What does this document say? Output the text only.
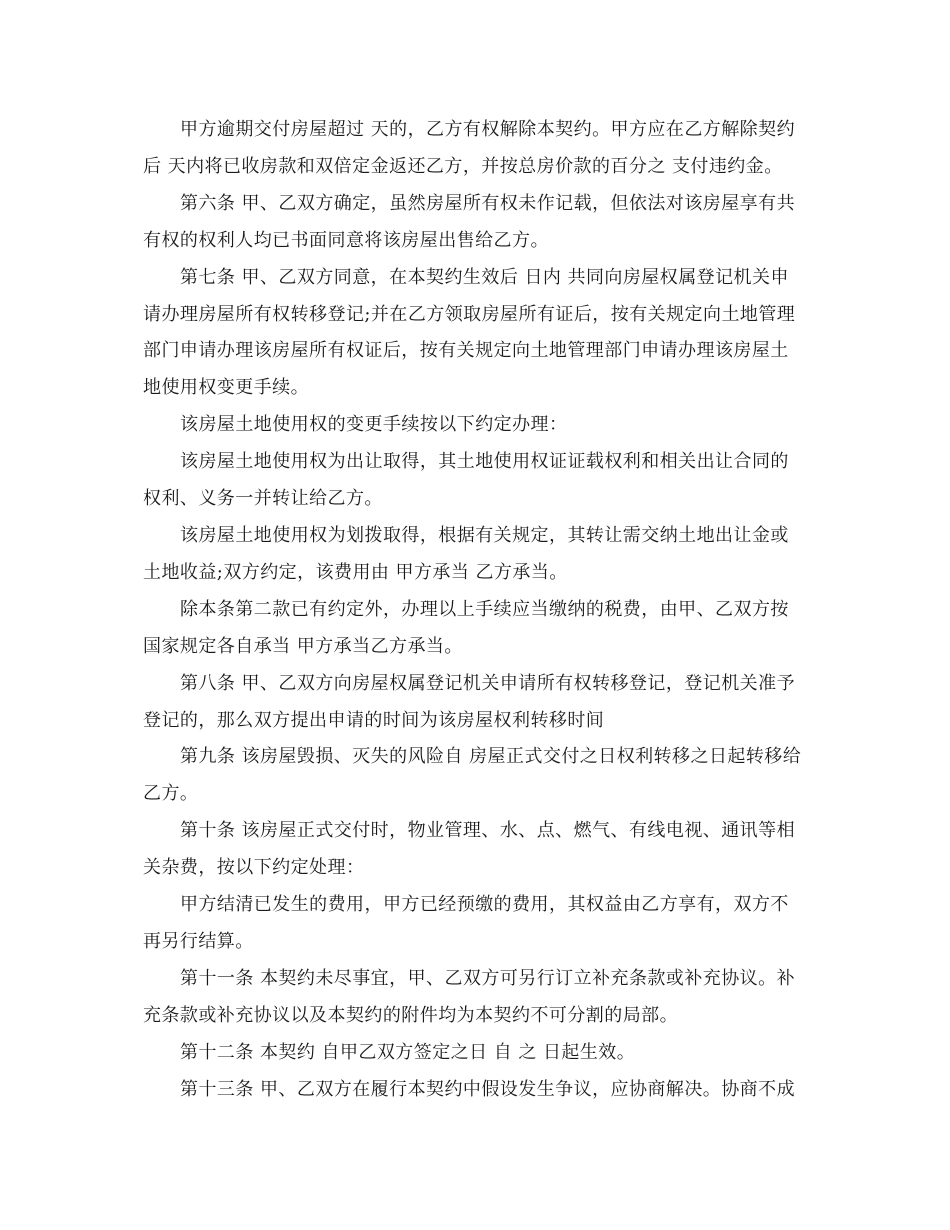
甲方逾期交付房屋超过 天的，乙方有权解除本契约。甲方应在乙方解除契约
后 天内将已收房款和双倍定金返还乙方，并按总房价款的百分之 支付违约金。
第六条 甲、乙双方确定，虽然房屋所有权未作记载，但依法对该房屋享有共
有权的权利人均已书面同意将该房屋出售给乙方。
第七条 甲、乙双方同意，在本契约生效后 日内 共同向房屋权属登记机关申
请办理房屋所有权转移登记;并在乙方领取房屋所有证后，按有关规定向土地管理
部门申请办理该房屋所有权证后，按有关规定向土地管理部门申请办理该房屋土
地使用权变更手续。
该房屋土地使用权的变更手续按以下约定办理：
该房屋土地使用权为出让取得，其土地使用权证证载权利和相关出让合同的
权利、义务一并转让给乙方。
该房屋土地使用权为划拨取得，根据有关规定，其转让需交纳土地出让金或
土地收益;双方约定，该费用由 甲方承当 乙方承当。
除本条第二款已有约定外，办理以上手续应当缴纳的税费，由甲、乙双方按
国家规定各自承当 甲方承当乙方承当。
第八条 甲、乙双方向房屋权属登记机关申请所有权转移登记，登记机关准予
登记的，那么双方提出申请的时间为该房屋权利转移时间
第九条 该房屋毁损、灭失的风险自 房屋正式交付之日权利转移之日起转移给
乙方。
第十条 该房屋正式交付时，物业管理、水、点、燃气、有线电视、通讯等相
关杂费，按以下约定处理：
甲方结清已发生的费用，甲方已经预缴的费用，其权益由乙方享有，双方不
再另行结算。
第十一条 本契约未尽事宜，甲、乙双方可另行订立补充条款或补充协议。补
充条款或补充协议以及本契约的附件均为本契约不可分割的局部。
第十二条 本契约 自甲乙双方签定之日 自 之 日起生效。
第十三条 甲、乙双方在履行本契约中假设发生争议，应协商解决。协商不成
